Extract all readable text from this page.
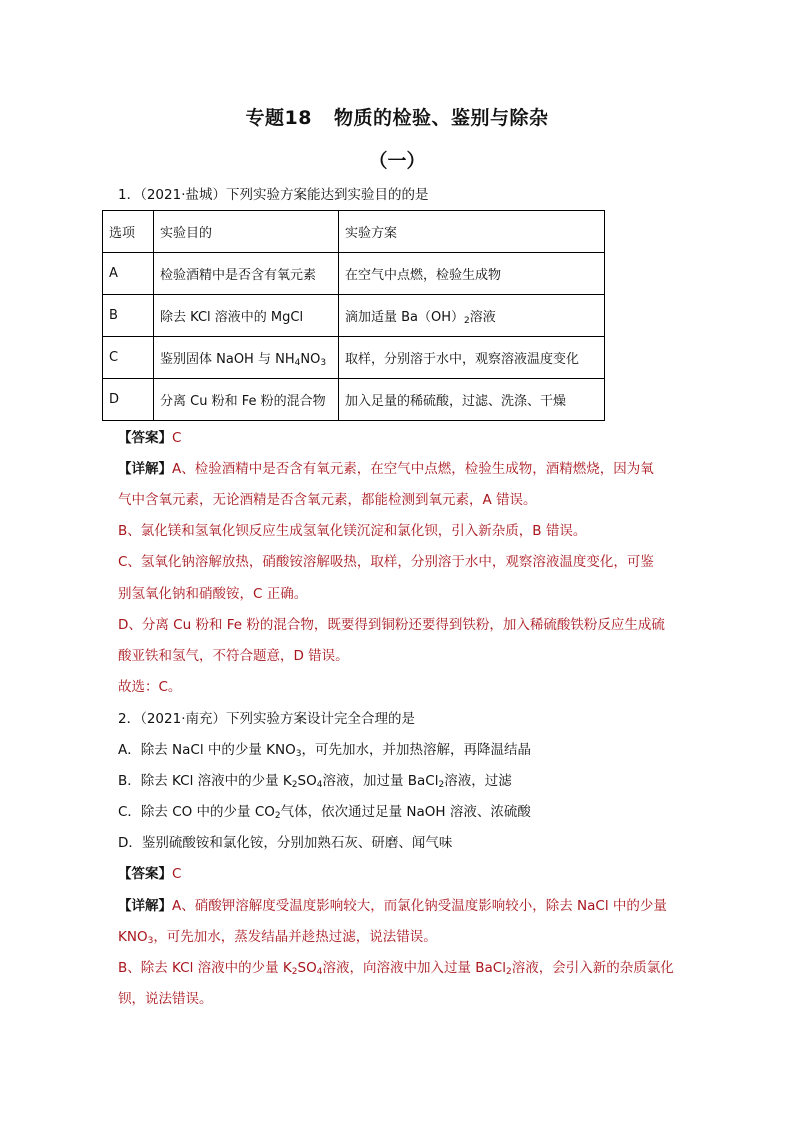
专题18 物质的检验、鉴别与除杂
（一）
1．（2021·盐城）下列实验方案能达到实验目的的是
选项	实验目的	实验方案
A	检验酒精中是否含有氧元素	在空气中点燃，检验生成物
B	除去 KCl 溶液中的 MgCl	滴加适量 $Ba(OH)_2$溶液
C	鉴别固体 NaOH 与 $NH_4NO_3$	取样，分别溶于水中，观察溶液温度变化
D	分离 Cu 粉和 Fe 粉的混合物	加入足量的稀硫酸，过滤、洗涤、干燥
【答案】C
【详解】A、检验酒精中是否含有氧元素，在空气中点燃，检验生成物，酒精燃烧，因为氧
气中含氧元素，无论酒精是否含氧元素，都能检测到氧元素，A 错误。
B、氯化镁和氢氧化钡反应生成氢氧化镁沉淀和氯化钡，引入新杂质，B 错误。
C、氢氧化钠溶解放热，硝酸铵溶解吸热，取样，分别溶于水中，观察溶液温度变化，可鉴
别氢氧化钠和硝酸铵，C 正确。
D、分离 Cu 粉和 Fe 粉的混合物，既要得到铜粉还要得到铁粉，加入稀硫酸铁粉反应生成硫
酸亚铁和氢气，不符合题意，D 错误。
故选：C。
2．（2021·南充）下列实验方案设计完全合理的是
A．除去 NaCl 中的少量 $KNO_3$，可先加水，并加热溶解，再降温结晶
B．除去 KCl 溶液中的少量 $K_2SO_4$溶液，加过量 BaCl$_2$溶液，过滤
C．除去 CO 中的少量 $CO_2$气体，依次通过足量 NaOH 溶液、浓硫酸
D．鉴别硫酸铵和氯化铵，分别加熟石灰、研磨、闻气味
【答案】C
【详解】A、硝酸钾溶解度受温度影响较大，而氯化钠受温度影响较小，除去 NaCl 中的少量
$KNO_3$，可先加水，蒸发结晶并趁热过滤，说法错误。
B、除去 KCl 溶液中的少量 $K_2SO_4$溶液，向溶液中加入过量 BaCl$_2$溶液，会引入新的杂质氯化
钡，说法错误。
